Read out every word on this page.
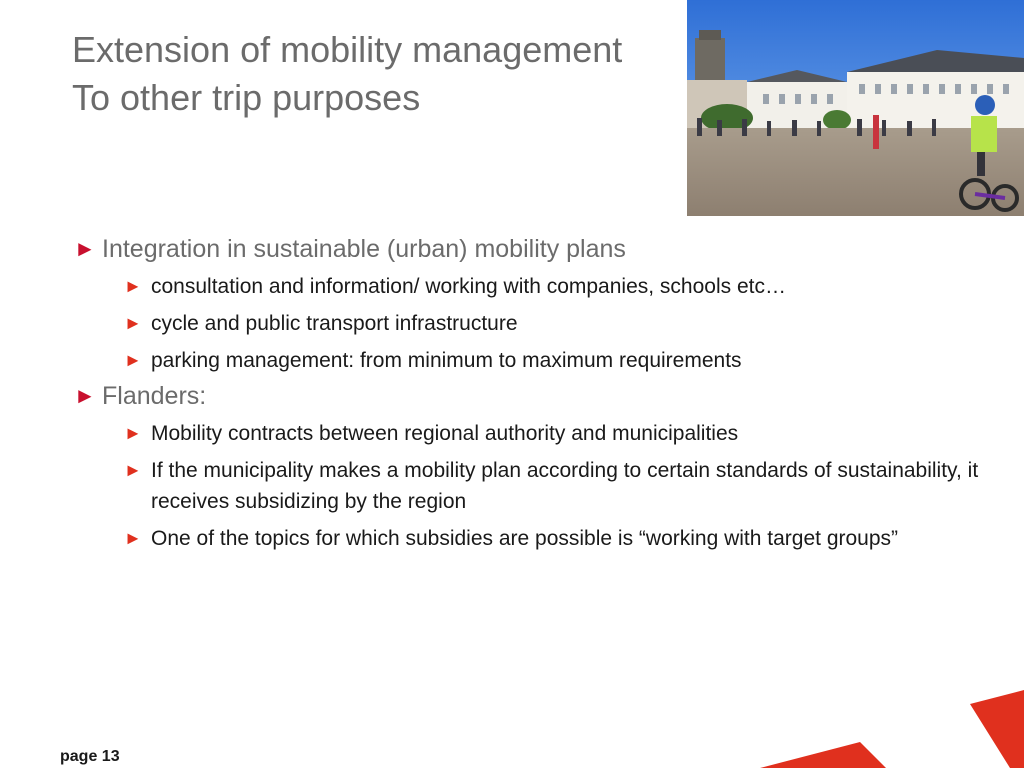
Extension of mobility management
To other trip purposes
► Integration in sustainable (urban) mobility plans
► consultation and information/ working with companies, schools etc…
► cycle and public transport infrastructure
► parking management: from minimum to maximum requirements
► Flanders:
► Mobility contracts between regional authority and municipalities
► If the municipality makes a mobility plan according to certain standards of sustainability, it receives subsidizing by the region
► One of the topics for which subsidies are possible is “working with target groups”
page 13
